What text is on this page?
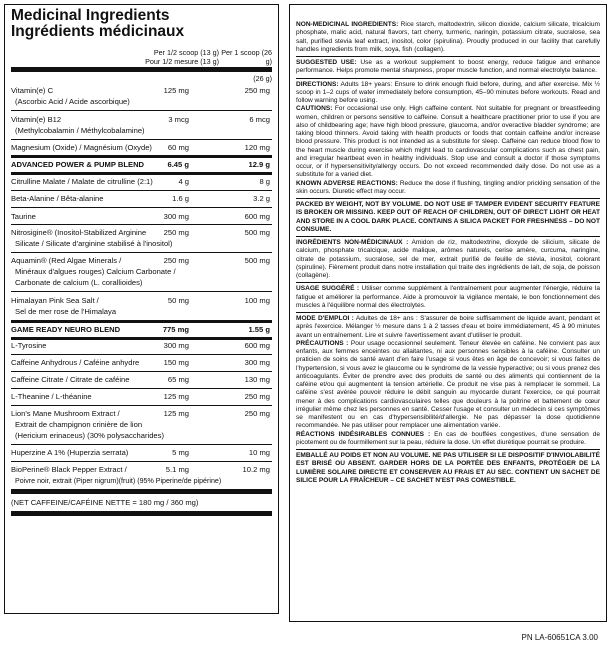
Medicinal Ingredients
Ingrédients médicinaux
Per 1/2 scoop (13 g)
Pour 1/2 mesure (13 g)
Per 1 scoop (26 g)
(26 g)
Vitamin(e) C	125 mg	250 mg
(Ascorbic Acid / Acide ascorbique)
Vitamin(e) B12	3 mcg	6 mcg
(Methylcobalamin / Méthylcobalamine)
Magnesium (Oxide) / Magnésium (Oxyde)	60 mg	120 mg
ADVANCED POWER & PUMP BLEND	6.45 g	12.9 g
Citrulline Malate / Malate de citrulline (2:1)	4 g	8 g
Beta-Alanine / Bêta-alanine	1.6 g	3.2 g
Taurine	300 mg	600 mg
Nitrosigine® (Inositol-Stabilized Arginine	250 mg	500 mg
Silicate / Silicate d'arginine stabilisé à l'inositol)
Aquamin® (Red Algae Minerals /	250 mg	500 mg
Minéraux d'algues rouges) Calcium Carbonate /
Carbonate de calcium (L. corallioides)
Himalayan Pink Sea Salt /	50 mg	100 mg
Sel de mer rose de l'Himalaya
GAME READY NEURO BLEND	775 mg	1.55 g
L-Tyrosine	300 mg	600 mg
Caffeine Anhydrous / Caféine anhydre	150 mg	300 mg
Caffeine Citrate / Citrate de caféine	65 mg	130 mg
L-Theanine / L-théanine	125 mg	250 mg
Lion's Mane Mushroom Extract /	125 mg	250 mg
Extrait de champignon crinière de lion
(Hericium erinaceus) (30% polysaccharides)
Huperzine A 1% (Huperzia serrata)	5 mg	10 mg
BioPerine® Black Pepper Extract /	5.1 mg	10.2 mg
Poivre noir, extrait (Piper nigrum)(fruit) (95% Piperine/de pipérine)
(NET CAFFEINE/CAFÉINE NETTE = 180 mg / 360 mg)

NON-MEDICINAL INGREDIENTS: Rice starch, maltodextrin, silicon dioxide, calcium silicate, tricalcium phosphate, malic acid, natural flavors, tart cherry, turmeric, naringin, potassium citrate, sucralose, sea salt, purified stevia leaf extract, inositol, color (spirulina). Proudly produced in our facility that carefully handles ingredients from milk, soya, fish (collagen).

SUGGESTED USE: Use as a workout supplement to boost energy, reduce fatigue and enhance performance. Helps promote mental sharpness, proper muscle function, and normal electrolyte balance.

DIRECTIONS: Adults 18+ years: Ensure to drink enough fluid before, during, and after exercise. Mix ½ scoop in 1–2 cups of water immediately before consumption, 45–90 minutes before workouts. Read and follow warning before using.

CAUTIONS: For occasional use only. High caffeine content. Not suitable for pregnant or breastfeeding women, children or persons sensitive to caffeine. Consult a healthcare practitioner prior to use if you are also of childbearing age; have high blood pressure, glaucoma, and/or overactive bladder syndrome; are taking blood thinners. Avoid taking with health products or foods that contain caffeine and/or increase blood pressure. This product is not intended as a substitute for sleep. Caffeine can reduce blood flow to the heart muscle during exercise which might lead to cardiovascular complications such as chest pain, and irregular heartbeat even in healthy individuals. Stop use and consult a doctor if those symptoms occur, or if hypersensitivity/allergy occurs. Do not exceed recommended daily dose. Do not use as a substitute for a varied diet.

KNOWN ADVERSE REACTIONS: Reduce the dose if flushing, tingling and/or prickling sensation of the skin occurs. Diuretic effect may occur.

PACKED BY WEIGHT, NOT BY VOLUME. DO NOT USE IF TAMPER EVIDENT SECURITY FEATURE IS BROKEN OR MISSING. KEEP OUT OF REACH OF CHILDREN, OUT OF DIRECT LIGHT OR HEAT AND STORE IN A COOL DARK PLACE. CONTAINS A SILICA PACKET FOR FRESHNESS – DO NOT CONSUME.

INGRÉDIENTS NON-MÉDICINAUX : Amidon de riz, maltodextrine, dioxyde de silicium, silicate de calcium, phosphate tricalcique, acide malique, arômes naturels, cerise amère, curcuma, naringine, citrate de potassium, sucralose, sel de mer, extrait purifié de feuille de stévia, inositol, colorant (spiruline). Fièrement produit dans notre installation qui traite des ingrédients de lait, de soja, de poisson (collagène).

USAGE SUGGÉRÉ : Utiliser comme supplément à l'entraînement pour augmenter l'énergie, réduire la fatigue et améliorer la performance. Aide à promouvoir la vigilance mentale, le bon fonctionnement des muscles à l'équilibre normal des électrolytes.

MODE D'EMPLOI : Adultes de 18+ ans : S'assurer de boire suffisamment de liquide avant, pendant et après l'exercice. Mélanger ½ mesure dans 1 à 2 tasses d'eau et boire immédiatement, 45 à 90 minutes avant un entraînement. Lire et suivre l'avertissement avant d'utiliser le produit.

PRÉCAUTIONS : Pour usage occasionnel seulement. Teneur élevée en caféine. Ne convient pas aux enfants, aux femmes enceintes ou allaitantes, ni aux personnes sensibles à la caféine. Consulter un praticien de soins de santé avant d'en faire l'usage si vous êtes en âge de concevoir; si vous faites de l'hypertension, si vous avez le glaucome ou le syndrome de la vessie hyperactive; ou si vous prenez des anticoagulants. Éviter de prendre avec des produits de santé ou des aliments qui contiennent de la caféine et/ou qui augmentent la tension artérielle. Ce produit ne vise pas à remplacer le sommeil. La caféine s'est avérée pouvoir réduire le débit sanguin au myocarde durant l'exercice, ce qui pourrait mener à des complications cardiovasculaires telles que douleurs à la poitrine et battement de cœur irrégulier même chez les personnes en santé. Cesser l'usage et consulter un médecin si ces symptômes se manifestent ou en cas d'hypersensibilité/d'allergie. Ne pas dépasser la dose quotidienne recommandée. Ne pas utiliser pour remplacer une alimentation variée.

RÉACTIONS INDÉSIRABLES CONNUES : En cas de bouffées congestives, d'une sensation de picotement ou de fourmillement sur la peau, réduire la dose. Un effet diurétique pourrait se produire.

EMBALLÉ AU POIDS ET NON AU VOLUME. NE PAS UTILISER SI LE DISPOSITIF D'INVIOLABILITÉ EST BRISÉ OU ABSENT. GARDER HORS DE LA PORTÉE DES ENFANTS, PROTÉGER DE LA LUMIÈRE SOLAIRE DIRECTE ET CONSERVER AU FRAIS ET AU SEC. CONTIENT UN SACHET DE SILICE POUR LA FRAÎCHEUR – CE SACHET N'EST PAS COMESTIBLE.

PN LA-60651CA 3.00
